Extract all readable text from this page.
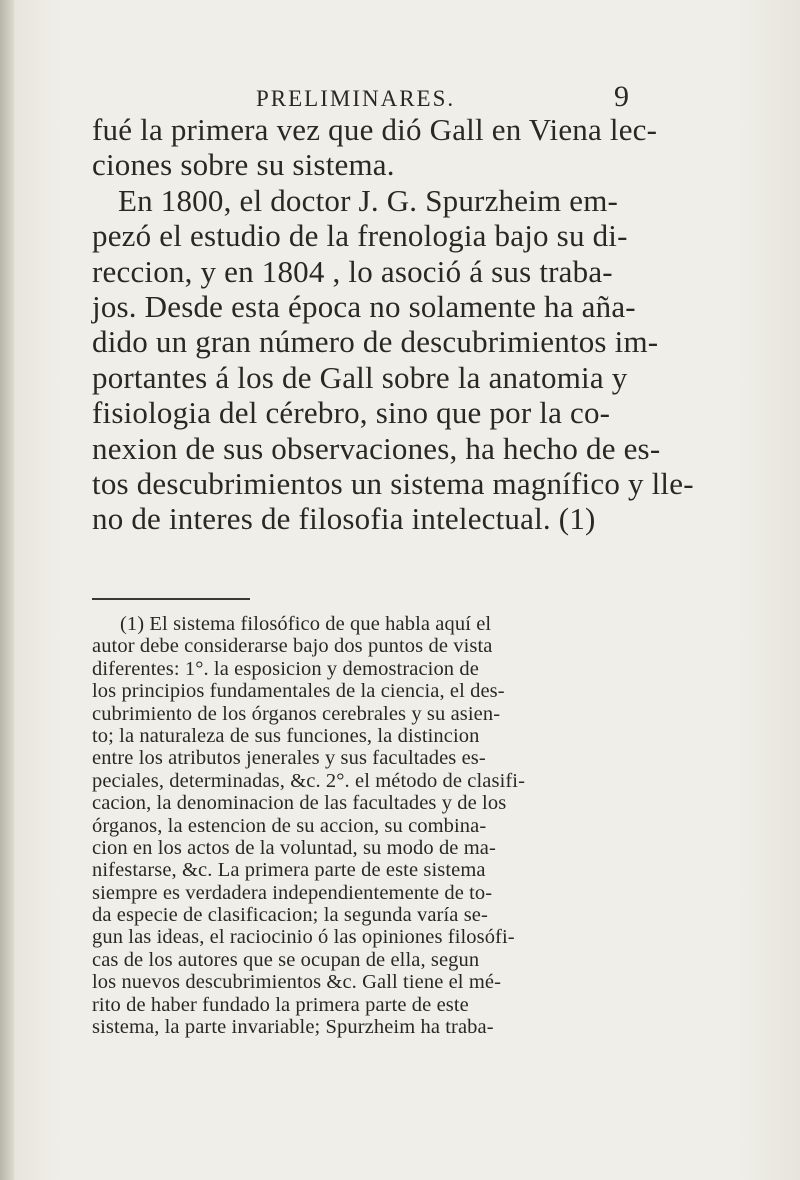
PRELIMINARES.	9
fué la primera vez que dió Gall en Viena lec-
ciones sobre su sistema.
En 1800, el doctor J. G. Spurzheim em-
pezó el estudio de la frenologia bajo su di-
reccion, y en 1804 , lo asoció á sus traba-
jos. Desde esta época no solamente ha aña-
dido un gran número de descubrimientos im-
portantes á los de Gall sobre la anatomia y
fisiologia del cérebro, sino que por la co-
nexion de sus observaciones, ha hecho de es-
tos descubrimientos un sistema magnífico y lle-
no de interes de filosofia intelectual. (1)
(1) El sistema filosófico de que habla aquí el
autor debe considerarse bajo dos puntos de vista
diferentes: 1°. la esposicion y demostracion de
los principios fundamentales de la ciencia, el des-
cubrimiento de los órganos cerebrales y su asien-
to; la naturaleza de sus funciones, la distincion
entre los atributos jenerales y sus facultades es-
peciales, determinadas, &c. 2°. el método de clasifi-
cacion, la denominacion de las facultades y de los
órganos, la estencion de su accion, su combina-
cion en los actos de la voluntad, su modo de ma-
nifestarse, &c. La primera parte de este sistema
siempre es verdadera independientemente de to-
da especie de clasificacion; la segunda varía se-
gun las ideas, el raciocinio ó las opiniones filosófi-
cas de los autores que se ocupan de ella, segun
los nuevos descubrimientos &c. Gall tiene el mé-
rito de haber fundado la primera parte de este
sistema, la parte invariable; Spurzheim ha traba-
